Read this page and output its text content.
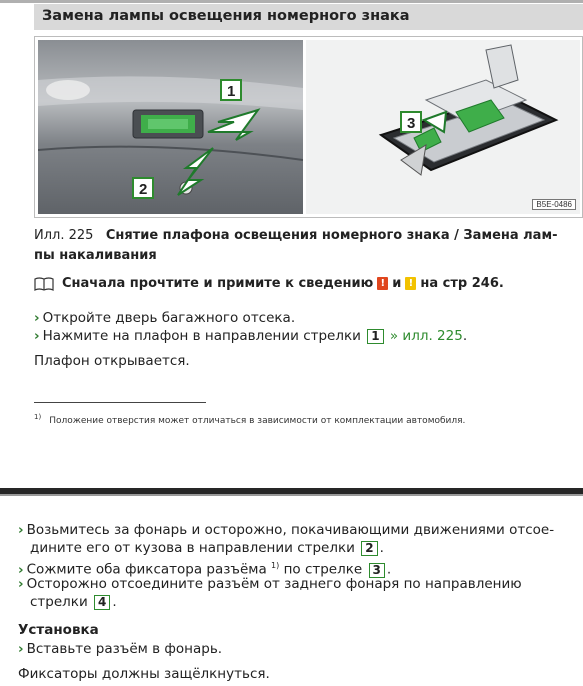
Замена лампы освещения номерного знака
1
2
3
B5E-0486
Илл. 225 Снятие плафона освещения номерного знака / Замена лам-
пы накаливания
Сначала прочтите и примите к сведению ! и ! на стр 246.
› Откройте дверь багажного отсека.
› Нажмите на плафон в направлении стрелки 1 » илл. 225.
Плафон открывается.
$^{1)}$ Положение отверстия может отличаться в зависимости от комплектации автомобиля.
› Возьмитесь за фонарь и осторожно, покачивающими движениями отсое-
дините его от кузова в направлении стрелки 2 .
› Сожмите оба фиксатора разъёма $^{1)}$ по стрелке 3 .
› Осторожно отсоедините разъём от заднего фонаря по направлению
стрелки 4 .
Установка
› Вставьте разъём в фонарь.
Фиксаторы должны защёлкнуться.
